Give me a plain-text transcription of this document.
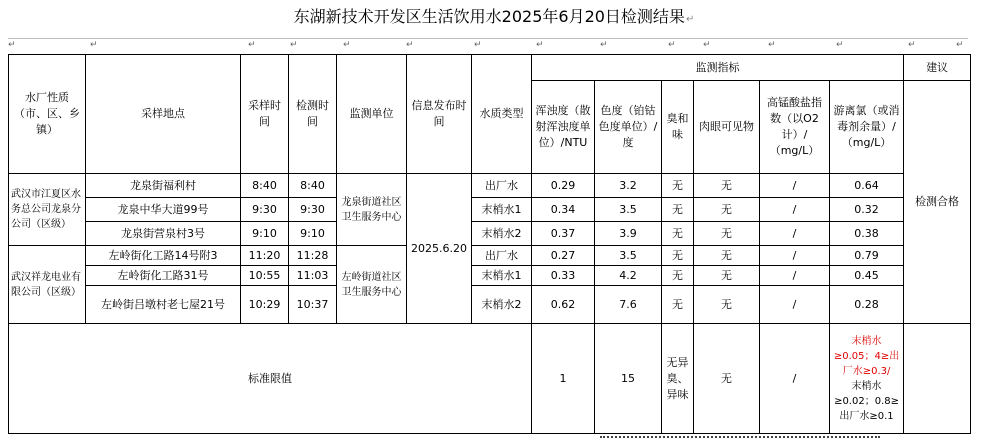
东湖新技术开发区生活饮用水2025年6月20日检测结果↵
↵	↵	↵	↵	↵	↵	↵	↵	↵	↵	↵	↵	↵	↵	↵
水厂性质（市、区、乡镇）	采样地点	采样时间	检测时间	监测单位	信息发布时间	水质类型	监测指标						建议
							浑浊度（散射浑浊度单位）/NTU	色度（铂钴色度单位）/度	臭和味	肉眼可见物	高锰酸盐指数（以O2计）/（mg/L）	游离氯（或消毒剂余量）/（mg/L）	检测合格
武汉市江夏区水务总公司龙泉分公司（区级）	龙泉街福利村	8:40	8:40	龙泉街道社区卫生服务中心	2025.6.20	出厂水	0.29	3.2	无	无	/	0.64	
	龙泉中华大道99号	9:30	9:30			末梢水1	0.34	3.5	无	无	/	0.32	
	龙泉街营泉村3号	9:10	9:10			末梢水2	0.37	3.9	无	无	/	0.38	
武汉祥龙电业有限公司（区级）	左岭街化工路14号附3	11:20	11:28	左岭街道社区卫生服务中心		出厂水	0.27	3.5	无	无	/	0.79	
	左岭街化工路31号	10:55	11:03			末梢水1	0.33	4.2	无	无	/	0.45	
	左岭街吕墩村老七屋21号	10:29	10:37			末梢水2	0.62	7.6	无	无	/	0.28	
标准限值							1	15	无异臭、异味	无	/	末梢水≥0.05；4≥出厂水≥0.3/
末梢水≥0.02；0.8≥出厂水≥0.1	
